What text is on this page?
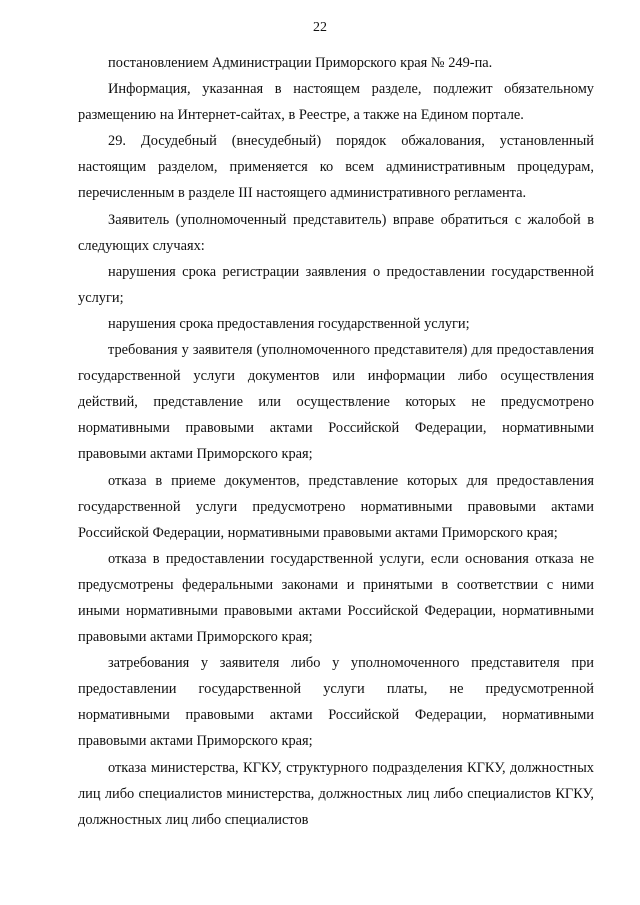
22

постановлением Администрации Приморского края № 249-па.

Информация, указанная в настоящем разделе, подлежит обязательному размещению на Интернет-сайтах, в Реестре, а также на Едином портале.

29. Досудебный (внесудебный) порядок обжалования, установленный настоящим разделом, применяется ко всем административным процедурам, перечисленным в разделе III настоящего административного регламента.

Заявитель (уполномоченный представитель) вправе обратиться с жалобой в следующих случаях:

нарушения срока регистрации заявления о предоставлении государственной услуги;

нарушения срока предоставления государственной услуги;

требования у заявителя (уполномоченного представителя) для предоставления государственной услуги документов или информации либо осуществления действий, представление или осуществление которых не предусмотрено нормативными правовыми актами Российской Федерации, нормативными правовыми актами Приморского края;

отказа в приеме документов, представление которых для предоставления государственной услуги предусмотрено нормативными правовыми актами Российской Федерации, нормативными правовыми актами Приморского края;

отказа в предоставлении государственной услуги, если основания отказа не предусмотрены федеральными законами и принятыми в соответствии с ними иными нормативными правовыми актами Российской Федерации, нормативными правовыми актами Приморского края;

затребования у заявителя либо у уполномоченного представителя при предоставлении государственной услуги платы, не предусмотренной нормативными правовыми актами Российской Федерации, нормативными правовыми актами Приморского края;

отказа министерства, КГКУ, структурного подразделения КГКУ, должностных лиц либо специалистов министерства, должностных лиц либо специалистов КГКУ, должностных лиц либо специалистов
